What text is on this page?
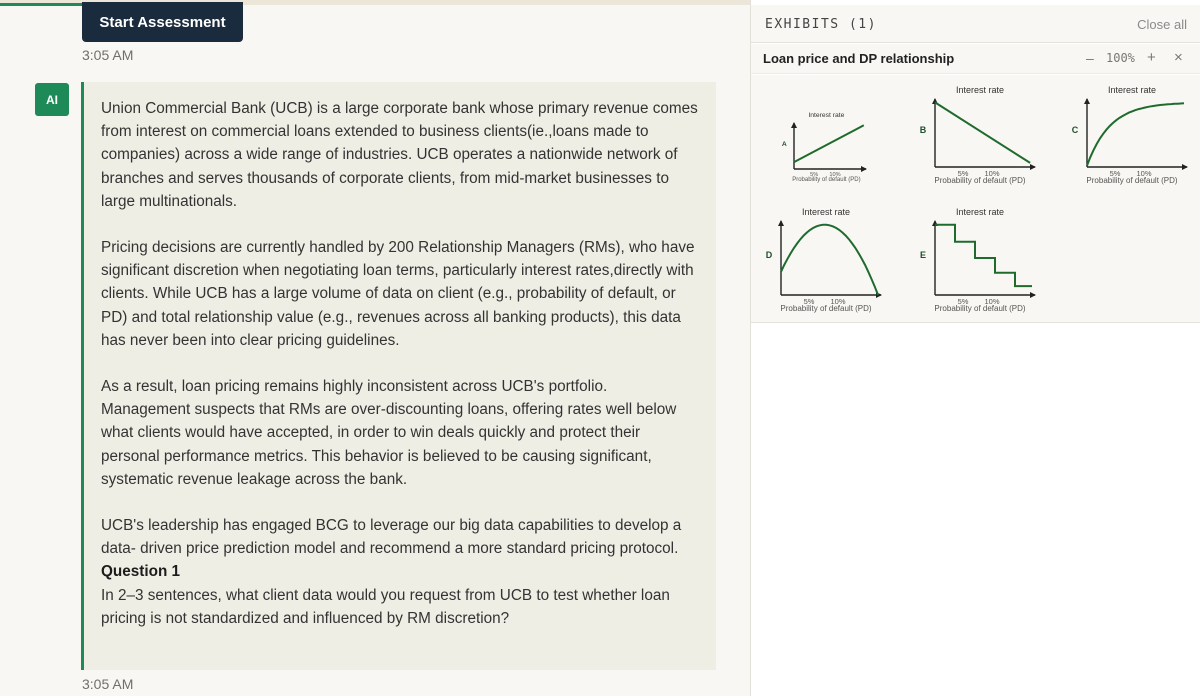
Start Assessment
3:05 AM
AI

Union Commercial Bank (UCB) is a large corporate bank whose primary revenue comes from interest on commercial loans extended to business clients(ie.,loans made to companies) across a wide range of industries. UCB operates a nationwide network of branches and serves thousands of corporate clients, from mid-market businesses to large multinationals.

Pricing decisions are currently handled by 200 Relationship Managers (RMs), who have significant discretion when negotiating loan terms, particularly interest rates,directly with clients. While UCB has a large volume of data on client (e.g., probability of default, or PD) and total relationship value (e.g., revenues across all banking products), this data has never been into clear pricing guidelines.

As a result, loan pricing remains highly inconsistent across UCB's portfolio. Management suspects that RMs are over-discounting loans, offering rates well below what clients would have accepted, in order to win deals quickly and protect their personal performance metrics. This behavior is believed to be causing significant, systematic revenue leakage across the bank.

UCB's leadership has engaged BCG to leverage our big data capabilities to develop a data- driven price prediction model and recommend a more standard pricing protocol.

Question 1
In 2–3 sentences, what client data would you request from UCB to test whether loan pricing is not standardized and influenced by RM discretion?
3:05 AM
EXHIBITS (1)	Close all
Loan price and DP relationship	– 100% + ×
Interest rate
A
5% 10%
Probability of default (PD)
Interest rate
B
5% 10%
Probability of default (PD)
Interest rate
C
5% 10%
Probability of default (PD)
Interest rate
D
5% 10%
Probability of default (PD)
Interest rate
E
5% 10%
Probability of default (PD)
